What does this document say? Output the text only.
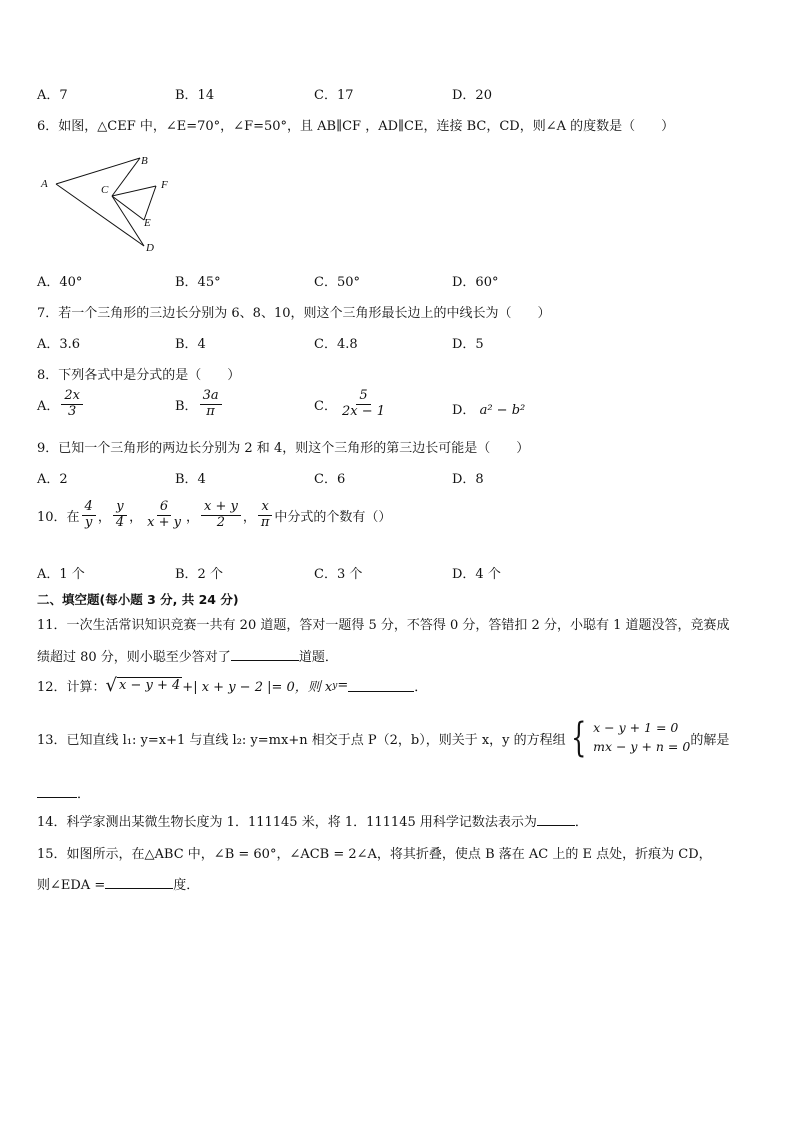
A．7	B．14	C．17	D．20
6．如图，△CEF 中，∠E=70°，∠F=50°，且 AB∥CF ，AD∥CE，连接 BC，CD，则∠A 的度数是（　　）
A
B
C	F
E
D
A．40°	B．45°	C．50°	D．60°
7．若一个三角形的三边长分别为 6、8、10，则这个三角形最长边上的中线长为（　　）
A．3.6	B．4	C．4.8	D．5
8．下列各式中是分式的是（　　）
A． $\frac{2x}{3}$	B． $\frac{3a}{\pi}$	C． $\frac{5}{2x - 1}$	D． a² − b²
9．已知一个三角形的两边长分别为 2 和 4，则这个三角形的第三边长可能是（　　）
A．2	B．4	C．6	D．8
10．在 $\frac{4}{y}$ ， $\frac{y}{4}$ ， $\frac{6}{x + y}$ ， $\frac{x + y}{2}$ ， $\frac{x}{\pi}$ 中分式的个数有（）
A．1 个	B．2 个	C．3 个	D．4 个
二、填空题(每小题 3 分, 共 24 分)
11．一次生活常识知识竞赛一共有 20 道题，答对一题得 5 分，不答得 0 分，答错扣 2 分，小聪有 1 道题没答，竞赛成
绩超过 80 分，则小聪至少答对了	道题．
12．计算： √ x − y + 4 +| x + y − 2 |= 0，则 x y =	．
13．已知直线 l₁: y=x+1 与直线 l₂: y=mx+n 相交于点 P（2，b），则关于 x，y 的方程组 { x − y + 1 = 0
mx − y + n = 0 的解是
．
14．科学家测出某微生物长度为 1．111145 米，将 1．111145 用科学记数法表示为	．
15．如图所示，在△ABC 中，∠B = 60°，∠ACB = 2∠A，将其折叠，使点 B 落在 AC 上的 E 点处，折痕为 CD，
则∠EDA =	度．
